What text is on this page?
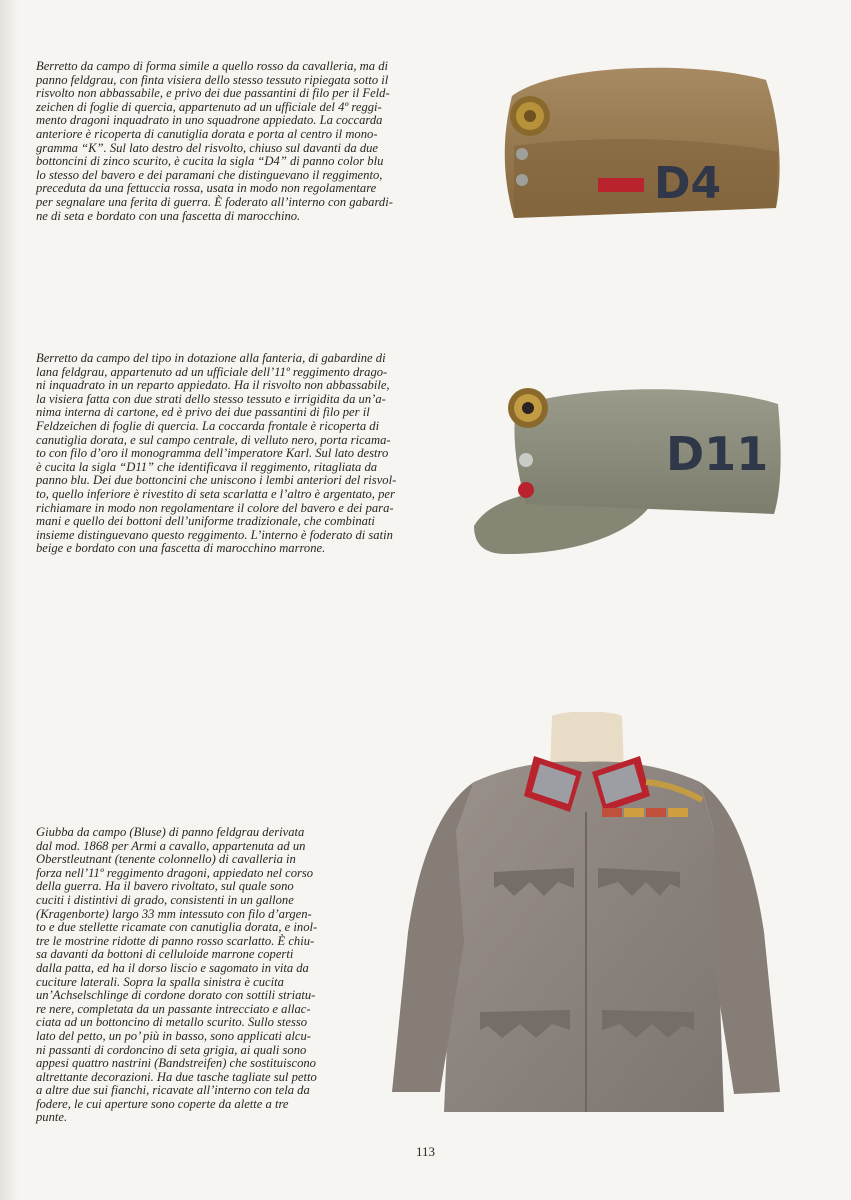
Berretto da campo di forma simile a quello rosso da cavalleria, ma di
panno feldgrau, con finta visiera dello stesso tessuto ripiegata sotto il
risvolto non abbassabile, e privo dei due passantini di filo per il Feld-
zeichen di foglie di quercia, appartenuto ad un ufficiale del 4º reggi-
mento dragoni inquadrato in uno squadrone appiedato. La coccarda
anteriore è ricoperta di canutiglia dorata e porta al centro il mono-
gramma “K”. Sul lato destro del risvolto, chiuso sul davanti da due
bottoncini di zinco scurito, è cucita la sigla “D4” di panno color blu
lo stesso del bavero e dei paramani che distinguevano il reggimento,
preceduta da una fettuccia rossa, usata in modo non regolamentare
per segnalare una ferita di guerra. È foderato all’interno con gabardi-
ne di seta e bordato con una fascetta di marocchino.

D4

Berretto da campo del tipo in dotazione alla fanteria, di gabardine di
lana feldgrau, appartenuto ad un ufficiale dell’11º reggimento drago-
ni inquadrato in un reparto appiedato. Ha il risvolto non abbassabile,
la visiera fatta con due strati dello stesso tessuto e irrigidita da un’a-
nima interna di cartone, ed è privo dei due passantini di filo per il
Feldzeichen di foglie di quercia. La coccarda frontale è ricoperta di
canutiglia dorata, e sul campo centrale, di velluto nero, porta ricama-
to con filo d’oro il monogramma dell’imperatore Karl. Sul lato destro
è cucita la sigla “D11” che identificava il reggimento, ritagliata da
panno blu. Dei due bottoncini che uniscono i lembi anteriori del risvol-
to, quello inferiore è rivestito di seta scarlatta e l’altro è argentato, per
richiamare in modo non regolamentare il colore del bavero e dei para-
mani e quello dei bottoni dell’uniforme tradizionale, che combinati
insieme distinguevano questo reggimento. L’interno è foderato di satin
beige e bordato con una fascetta di marocchino marrone.

D11

Giubba da campo (Bluse) di panno feldgrau derivata
dal mod. 1868 per Armi a cavallo, appartenuta ad un
Oberstleutnant (tenente colonnello) di cavalleria in
forza nell’11º reggimento dragoni, appiedato nel corso
della guerra. Ha il bavero rivoltato, sul quale sono
cuciti i distintivi di grado, consistenti in un gallone
(Kragenborte) largo 33 mm intessuto con filo d’argen-
to e due stellette ricamate con canutiglia dorata, e inol-
tre le mostrine ridotte di panno rosso scarlatto. È chiu-
sa davanti da bottoni di celluloide marrone coperti
dalla patta, ed ha il dorso liscio e sagomato in vita da
cuciture laterali. Sopra la spalla sinistra è cucita
un’Achselschlinge di cordone dorato con sottili striatu-
re nere, completata da un passante intrecciato e allac-
ciata ad un bottoncino di metallo scurito. Sullo stesso
lato del petto, un po’ più in basso, sono applicati alcu-
ni passanti di cordoncino di seta grigia, ai quali sono
appesi quattro nastrini (Bandstreifen) che sostituiscono
altrettante decorazioni. Ha due tasche tagliate sul petto
a altre due sui fianchi, ricavate all’interno con tela da
fodere, le cui aperture sono coperte da alette a tre
punte.

113
